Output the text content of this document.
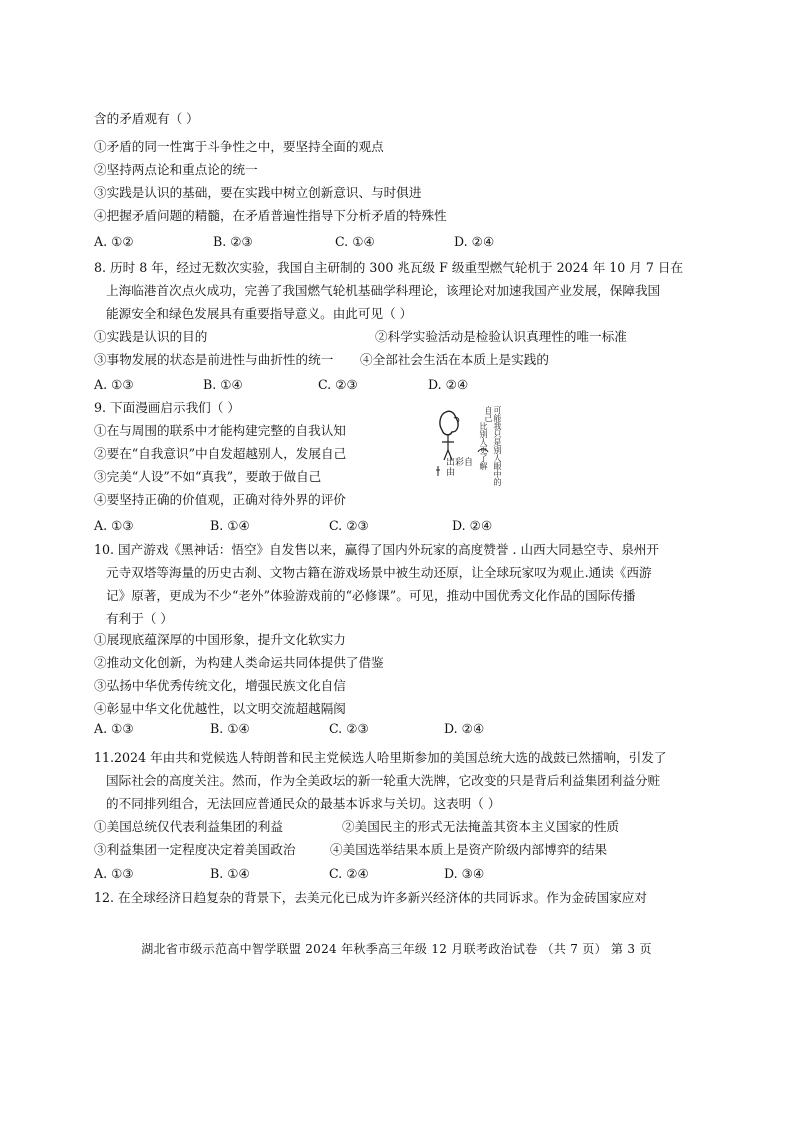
含的矛盾观有（ ）
①矛盾的同一性寓于斗争性之中，要坚持全面的观点
②坚持两点论和重点论的统一
③实践是认识的基础，要在实践中树立创新意识、与时俱进
④把握矛盾问题的精髓，在矛盾普遍性指导下分析矛盾的特殊性
A. ①②	B. ②③	C. ①④	D. ②④
8. 历时 8 年，经过无数次实验，我国自主研制的 300 兆瓦级 F 级重型燃气轮机于 2024 年 10 月 7 日在
上海临港首次点火成功，完善了我国燃气轮机基础学科理论，该理论对加速我国产业发展，保障我国
能源安全和绿色发展具有重要指导意义。由此可见（ ）
①实践是认识的目的	②科学实验活动是检验认识真理性的唯一标准
③事物发展的状态是前进性与曲折性的统一 ④全部社会生活在本质上是实践的
A. ①③	B. ①④	C. ②③	D. ②④
9. 下面漫画启示我们（ ）
①在与周围的联系中才能构建完整的自我认知
②要在“自我意识”中自发超越别人，发展自己
③完美“人设”不如“真我”，要敢于做自己
④要坚持正确的价值观，正确对待外界的评价
可能我只是别人眼中的自己
比别人更了解
出彩自由
A. ①③	B. ①④	C. ②③	D. ②④
10. 国产游戏《黑神话：悟空》自发售以来，赢得了国内外玩家的高度赞誉 . 山西大同悬空寺、泉州开
元寺双塔等海量的历史古刹、文物古籍在游戏场景中被生动还原，让全球玩家叹为观止.通读《西游
记》原著，更成为不少“老外”体验游戏前的“必修课”。可见，推动中国优秀文化作品的国际传播
有利于（ ）
①展现底蕴深厚的中国形象，提升文化软实力
②推动文化创新，为构建人类命运共同体提供了借鉴
③弘扬中华优秀传统文化，增强民族文化自信
④彰显中华文化优越性，以文明交流超越隔阂
A. ①③	B. ①④	C. ②③	D. ②④
11.2024 年由共和党候选人特朗普和民主党候选人哈里斯参加的美国总统大选的战鼓已然擂响，引发了
国际社会的高度关注。然而，作为全美政坛的新一轮重大洗牌，它改变的只是背后利益集团利益分赃
的不同排列组合，无法回应普通民众的最基本诉求与关切。这表明（ ）
①美国总统仅代表利益集团的利益	②美国民主的形式无法掩盖其资本主义国家的性质
③利益集团一定程度决定着美国政治	④美国选举结果本质上是资产阶级内部博弈的结果
A. ①③	B. ①④	C. ②④	D. ③④
12. 在全球经济日趋复杂的背景下，去美元化已成为许多新兴经济体的共同诉求。作为金砖国家应对
湖北省市级示范高中智学联盟 2024 年秋季高三年级 12 月联考政治试卷 （共 7 页） 第 3 页
